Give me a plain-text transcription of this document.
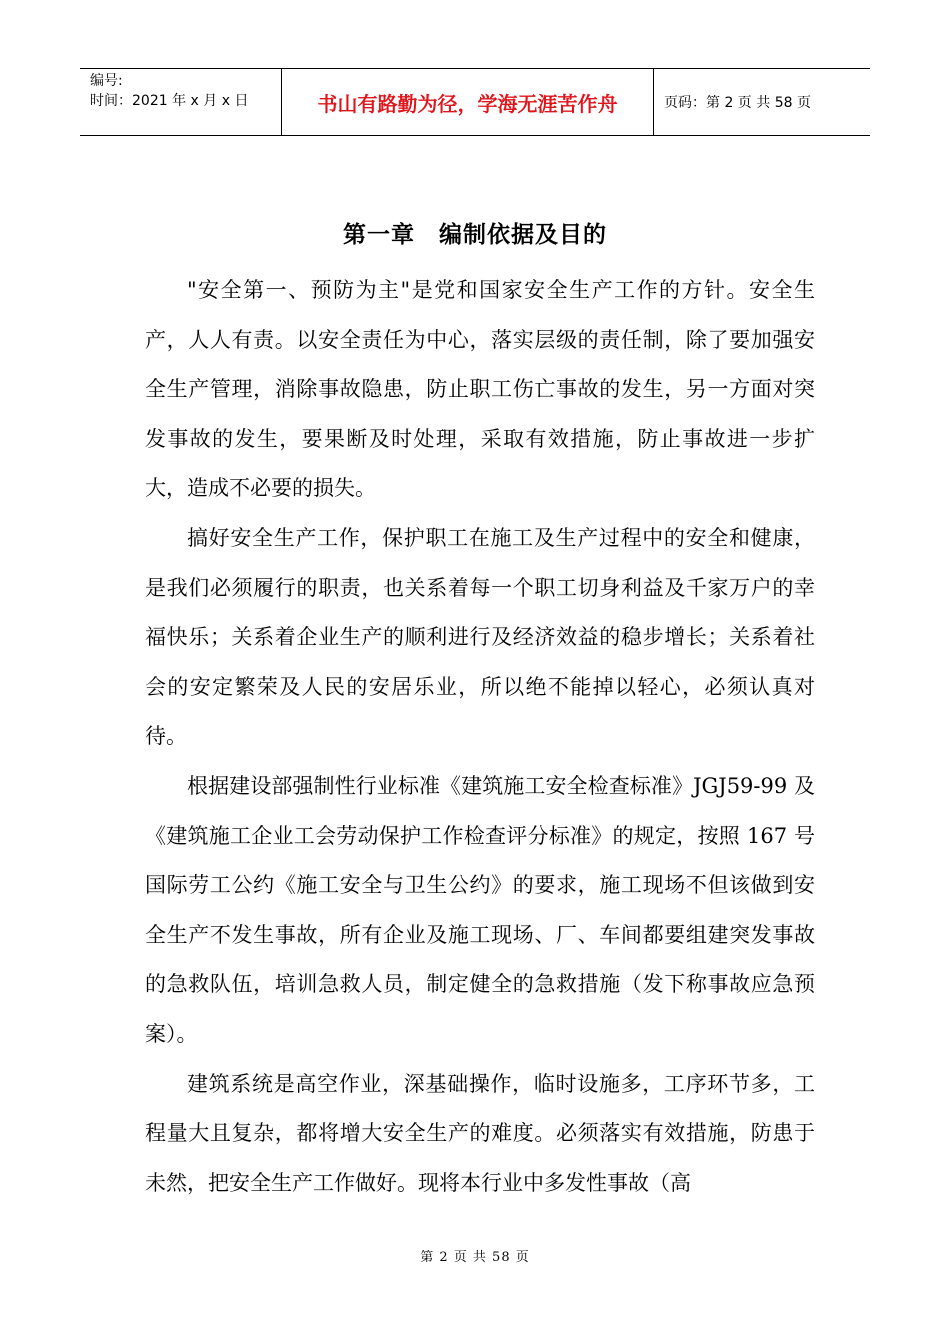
编号:
时间：2021 年 x 月 x 日	书山有路勤为径，学海无涯苦作舟	页码：第 2 页 共 58 页
第一章　编制依据及目的

"安全第一、预防为主"是党和国家安全生产工作的方针。安全生产，人人有责。以安全责任为中心，落实层级的责任制，除了要加强安全生产管理，消除事故隐患，防止职工伤亡事故的发生，另一方面对突发事故的发生，要果断及时处理，采取有效措施，防止事故进一步扩大，造成不必要的损失。

搞好安全生产工作，保护职工在施工及生产过程中的安全和健康，是我们必须履行的职责，也关系着每一个职工切身利益及千家万户的幸福快乐；关系着企业生产的顺利进行及经济效益的稳步增长；关系着社会的安定繁荣及人民的安居乐业，所以绝不能掉以轻心，必须认真对待。

根据建设部强制性行业标准《建筑施工安全检查标准》JGJ59-99 及《建筑施工企业工会劳动保护工作检查评分标准》的规定，按照 167 号国际劳工公约《施工安全与卫生公约》的要求，施工现场不但该做到安全生产不发生事故，所有企业及施工现场、厂、车间都要组建突发事故的急救队伍，培训急救人员，制定健全的急救措施（发下称事故应急预案）。

建筑系统是高空作业，深基础操作，临时设施多，工序环节多，工程量大且复杂，都将增大安全生产的难度。必须落实有效措施，防患于未然，把安全生产工作做好。现将本行业中多发性事故（高

第 2 页 共 58 页
